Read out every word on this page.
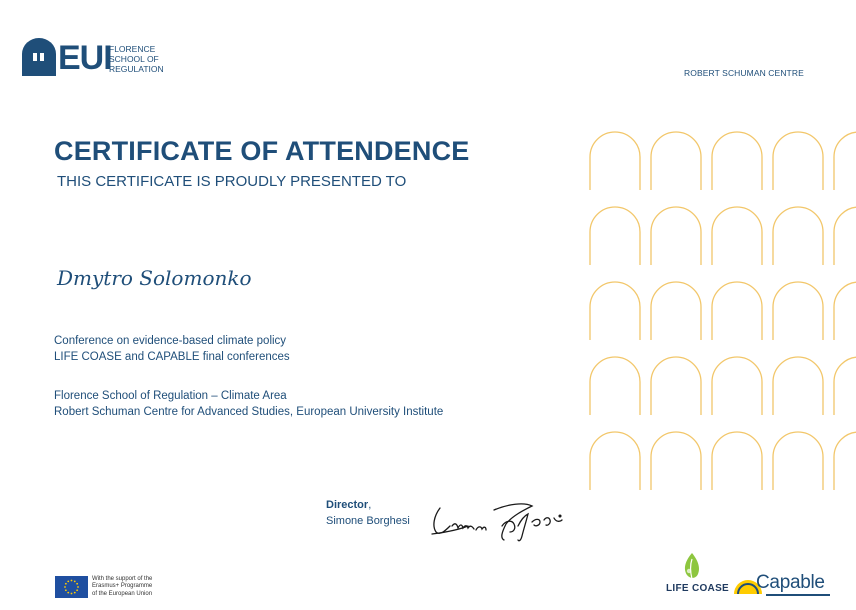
EUI
FLORENCE
SCHOOL OF
REGULATION	ROBERT SCHUMAN CENTRE
CERTIFICATE OF ATTENDENCE
THIS CERTIFICATE IS PROUDLY PRESENTED TO
Dmytro Solomonko
Conference on evidence-based climate policy
LIFE COASE and CAPABLE final conferences
Florence School of Regulation – Climate Area
Robert Schuman Centre for Advanced Studies, European University Institute
Director,
Simone Borghesi
With the support of the
Erasmus+ Programme
of the European Union	LIFE COASE Capable
